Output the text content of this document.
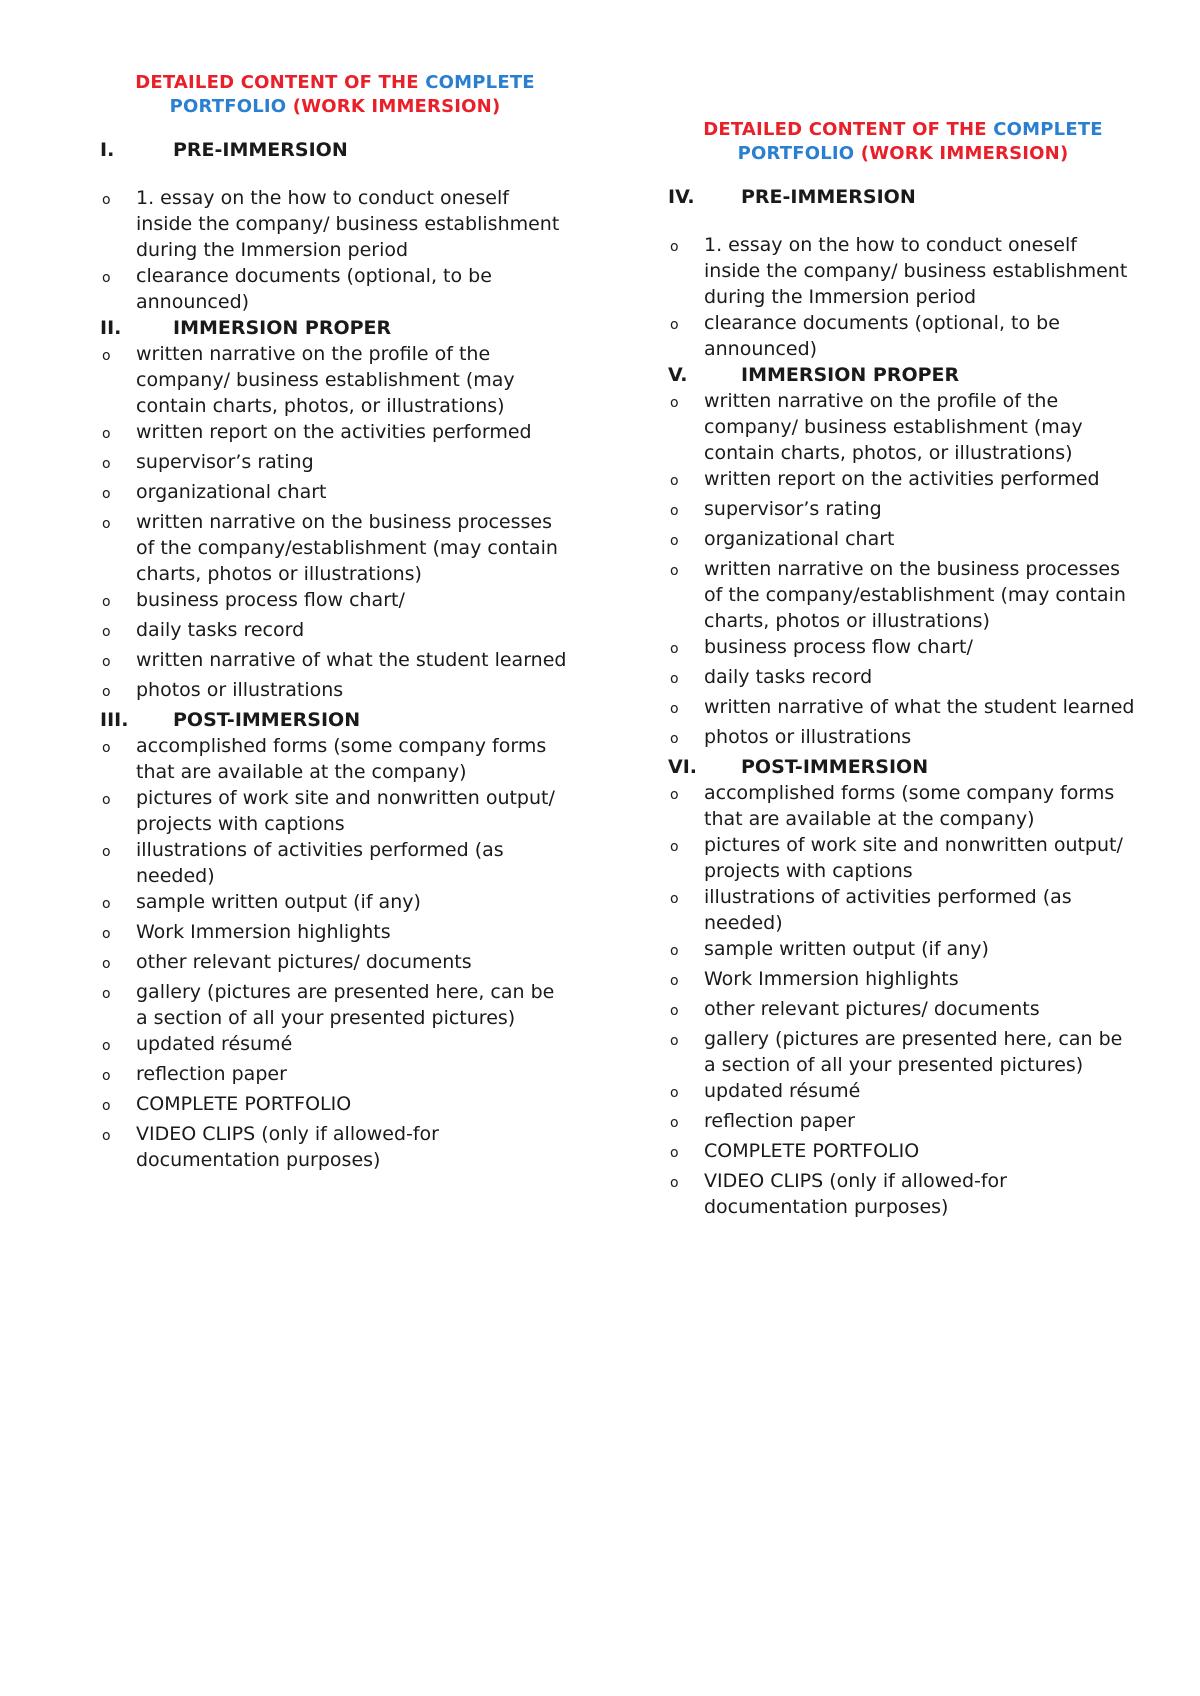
DETAILED CONTENT OF THE COMPLETE PORTFOLIO (WORK IMMERSION)
I.	PRE-IMMERSION
o	1. essay on the how to conduct oneself inside the company/ business establishment during the Immersion period
o	clearance documents (optional, to be announced)
II.	IMMERSION PROPER
o	written narrative on the profile of the company/ business establishment (may contain charts, photos, or illustrations)
o	written report on the activities performed
o	supervisor’s rating
o	organizational chart
o	written narrative on the business processes of the company/establishment (may contain charts, photos or illustrations)
o	business process flow chart/
o	daily tasks record
o	written narrative of what the student learned
o	photos or illustrations
III.	POST-IMMERSION
o	accomplished forms (some company forms that are available at the company)
o	pictures of work site and nonwritten output/ projects with captions
o	illustrations of activities performed (as needed)
o	sample written output (if any)
o	Work Immersion highlights
o	other relevant pictures/ documents
o	gallery (pictures are presented here, can be a section of all your presented pictures)
o	updated résumé
o	reflection paper
o	COMPLETE PORTFOLIO
o	VIDEO CLIPS (only if allowed-for documentation purposes)
DETAILED CONTENT OF THE COMPLETE PORTFOLIO (WORK IMMERSION)
IV.	PRE-IMMERSION
o	1. essay on the how to conduct oneself inside the company/ business establishment during the Immersion period
o	clearance documents (optional, to be announced)
V.	IMMERSION PROPER
o	written narrative on the profile of the company/ business establishment (may contain charts, photos, or illustrations)
o	written report on the activities performed
o	supervisor’s rating
o	organizational chart
o	written narrative on the business processes of the company/establishment (may contain charts, photos or illustrations)
o	business process flow chart/
o	daily tasks record
o	written narrative of what the student learned
o	photos or illustrations
VI.	POST-IMMERSION
o	accomplished forms (some company forms that are available at the company)
o	pictures of work site and nonwritten output/ projects with captions
o	illustrations of activities performed (as needed)
o	sample written output (if any)
o	Work Immersion highlights
o	other relevant pictures/ documents
o	gallery (pictures are presented here, can be a section of all your presented pictures)
o	updated résumé
o	reflection paper
o	COMPLETE PORTFOLIO
o	VIDEO CLIPS (only if allowed-for documentation purposes)
